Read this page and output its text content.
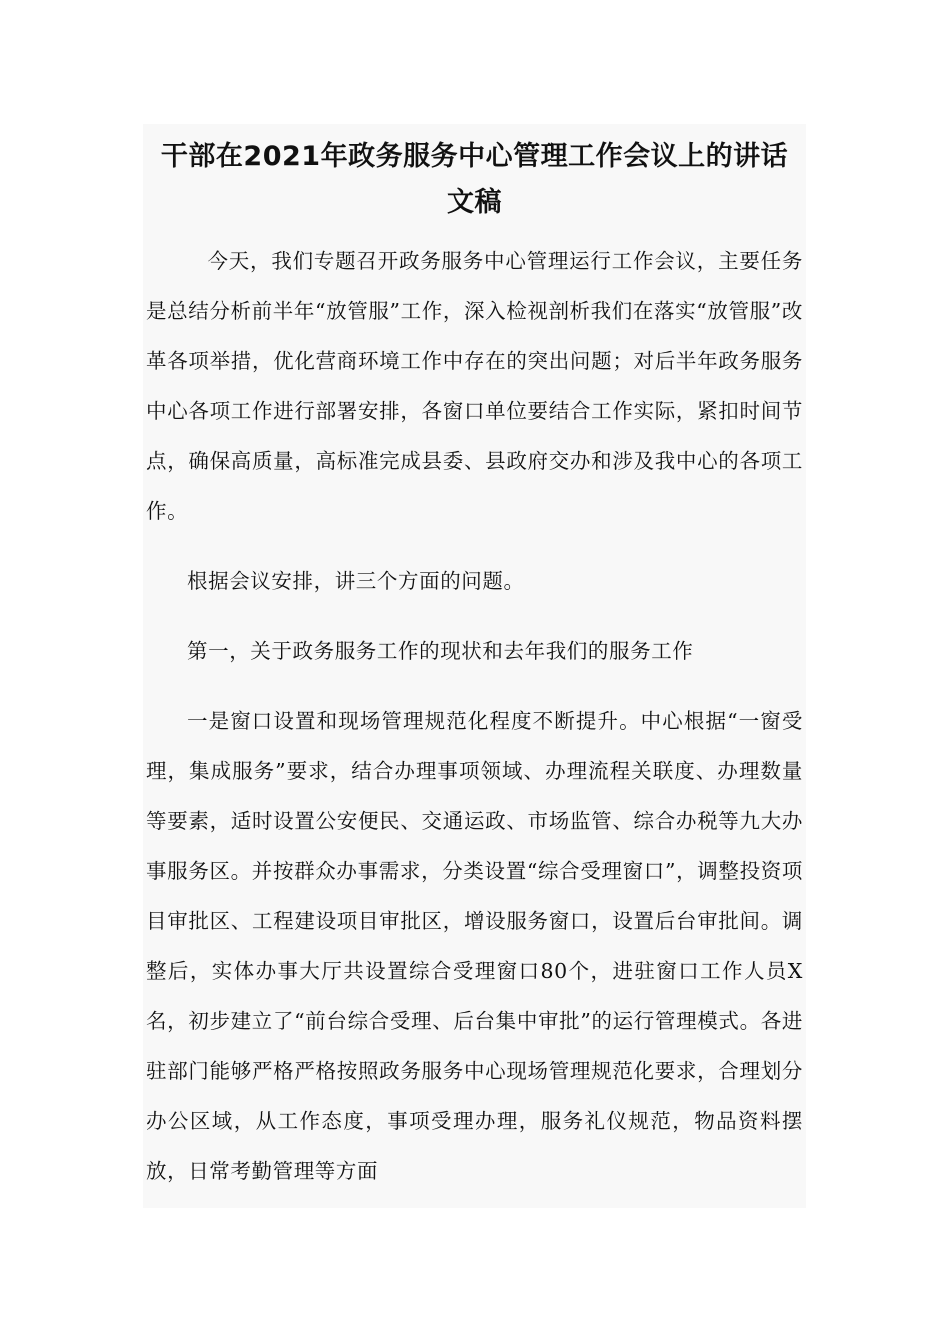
干部在2021年政务服务中心管理工作会议上的讲话
文稿

今天，我们专题召开政务服务中心管理运行工作会议，主要任务是总结分析前半年“放管服”工作，深入检视剖析我们在落实“放管服”改革各项举措，优化营商环境工作中存在的突出问题；对后半年政务服务中心各项工作进行部署安排，各窗口单位要结合工作实际，紧扣时间节点，确保高质量，高标准完成县委、县政府交办和涉及我中心的各项工作。

根据会议安排，讲三个方面的问题。

第一，关于政务服务工作的现状和去年我们的服务工作

一是窗口设置和现场管理规范化程度不断提升。中心根据“一窗受理，集成服务”要求，结合办理事项领域、办理流程关联度、办理数量等要素，适时设置公安便民、交通运政、市场监管、综合办税等九大办事服务区。并按群众办事需求，分类设置“综合受理窗口”，调整投资项目审批区、工程建设项目审批区，增设服务窗口，设置后台审批间。调整后，实体办事大厅共设置综合受理窗口80个，进驻窗口工作人员X名，初步建立了“前台综合受理、后台集中审批”的运行管理模式。各进驻部门能够严格严格按照政务服务中心现场管理规范化要求，合理划分办公区域，从工作态度，事项受理办理，服务礼仪规范，物品资料摆放，日常考勤管理等方面
